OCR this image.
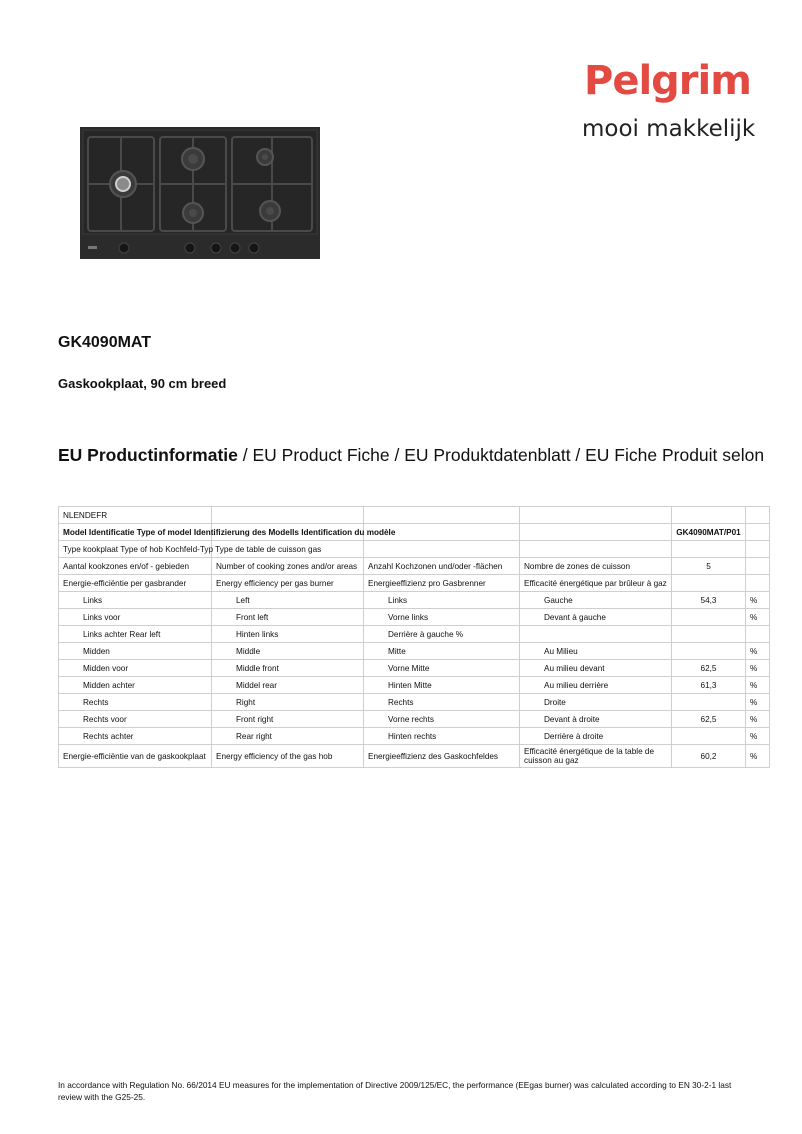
Pelgrim
mooi makkelijk
GK4090MAT
Gaskookplaat, 90 cm breed
EU Productinformatie / EU Product Fiche / EU Produktdatenblatt / EU Fiche Produit selon
NLENDEFR					
Model Identificatie Type of model Identifizierung des Modells Identification du modèle				GK4090MAT/P01	
Type kookplaat Type of hob Kochfeld-Typ Type de table de cuisson gas					
Aantal kookzones en/of - gebieden	Number of cooking zones and/or areas	Anzahl Kochzonen und/oder -flächen	Nombre de zones de cuisson	5	
Energie-efficiëntie per gasbrander	Energy efficiency per gas burner	Energieeffizienz pro Gasbrenner	Efficacité énergétique par brûleur à gaz		
Links	Left	Links	Gauche	54,3	%
Links voor	Front left	Vorne links	Devant à gauche		%
Links achter Rear left	Hinten links	Derrière à gauche %			
Midden	Middle	Mitte	Au Milieu		%
Midden voor	Middle front	Vorne Mitte	Au milieu devant	62,5	%
Midden achter	Middel rear	Hinten Mitte	Au milieu derrière	61,3	%
Rechts	Right	Rechts	Droite		%
Rechts voor	Front right	Vorne rechts	Devant à droite	62,5	%
Rechts achter	Rear right	Hinten rechts	Derrière à droite		%
Energie-efficiëntie van de gaskookplaat	Energy efficiency of the gas hob	Energieeffizienz des Gaskochfeldes	Efficacité énergétique de la table de cuisson au gaz	60,2	%
In accordance with Regulation No. 66/2014 EU measures for the implementation of Directive 2009/125/EC, the performance (EEgas burner) was calculated according to EN 30-2-1 last review with the G25-25.
